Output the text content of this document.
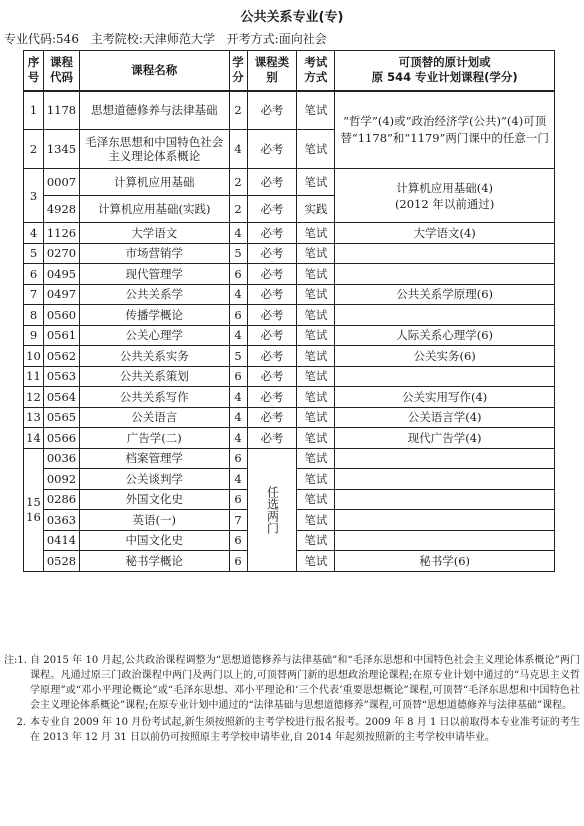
公共关系专业(专)
专业代码:546 主考院校:天津师范大学 开考方式:面向社会
序号	课程代码	课程名称	学分	课程类别	考试方式	可顶替的原计划或
原 544 专业计划课程(学分)

1	1178	思想道德修养与法律基础	2	必考	笔试	“哲学”(4)或“政治经济学(公共)”(4)可顶替“1178”和“1179”两门课中的任意一门
2	1345	毛泽东思想和中国特色社会主义理论体系概论	4	必考	笔试	
3	0007	计算机应用基础	2	必考	笔试	计算机应用基础(4)
(2012 年以前通过)

	4928	计算机应用基础(实践)	2	必考	实践	
4	1126	大学语文	4	必考	笔试	大学语文(4)
5	0270	市场营销学	5	必考	笔试	
6	0495	现代管理学	6	必考	笔试	
7	0497	公共关系学	4	必考	笔试	公共关系学原理(6)
8	0560	传播学概论	6	必考	笔试	
9	0561	公关心理学	4	必考	笔试	人际关系心理学(6)
10	0562	公共关系实务	5	必考	笔试	公关实务(6)
11	0563	公共关系策划	6	必考	笔试	
12	0564	公共关系写作	4	必考	笔试	公关实用写作(4)
13	0565	公关语言	4	必考	笔试	公关语言学(4)
14	0566	广告学(二)	4	必考	笔试	现代广告学(4)
15 16	0036	档案管理学	6	任选两门	笔试	
	0092	公关谈判学	4		笔试	
	0286	外国文化史	6		笔试	
	0363	英语(一)	7		笔试	
	0414	中国文化史	6		笔试	
	0528	秘书学概论	6		笔试	秘书学(6)
注:1. 自 2015 年 10 月起,公共政治课程调整为“思想道德修养与法律基础”和“毛泽东思想和中国特色社会主义理论体系概论”两门课程。凡通过原三门政治课程中两门及两门以上的,可顶替两门新的思想政治理论课程;在原专业计划中通过的“马克思主义哲学原理”或“邓小平理论概论”或“毛泽东思想、邓小平理论和‘三个代表’重要思想概论”课程,可顶替“毛泽东思想和中国特色社会主义理论体系概论”课程;在原专业计划中通过的“法律基础与思想道德修养”课程,可顶替“思想道德修养与法律基础”课程。
2. 本专业自 2009 年 10 月份考试起,新生须按照新的主考学校进行报名报考。2009 年 8 月 1 日以前取得本专业准考证的考生在 2013 年 12 月 31 日以前仍可按照原主考学校申请毕业,自 2014 年起须按照新的主考学校申请毕业。
